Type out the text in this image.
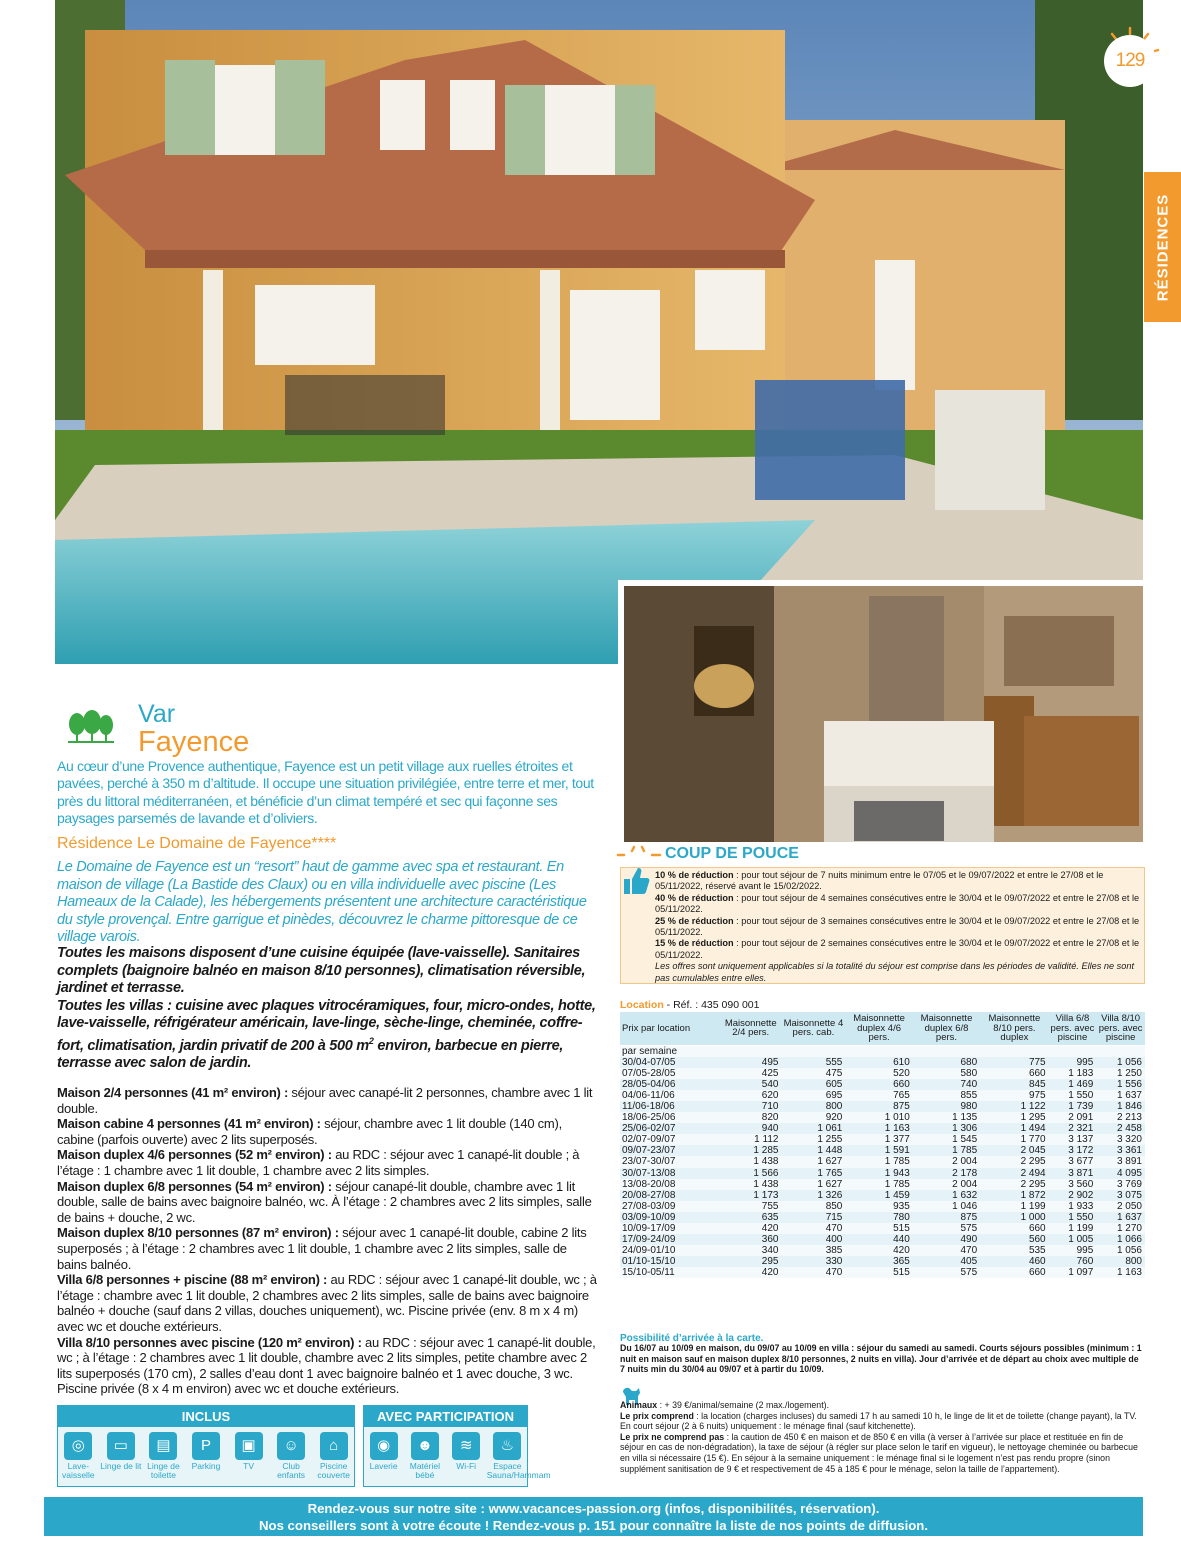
129
RÉSIDENCES
Var
Fayence
Au cœur d’une Provence authentique, Fayence est un petit village aux ruelles étroites et pavées, perché à 350 m d’altitude. Il occupe une situation privilégiée, entre terre et mer, tout près du littoral méditerranéen, et bénéficie d’un climat tempéré et sec qui façonne ses paysages parsemés de lavande et d’oliviers.
Résidence Le Domaine de Fayence****
Le Domaine de Fayence est un “resort” haut de gamme avec spa et restaurant. En maison de village (La Bastide des Claux) ou en villa individuelle avec piscine (Les Hameaux de la Calade), les hébergements présentent une architecture caractéristique du style provençal. Entre garrigue et pinèdes, découvrez le charme pittoresque de ce village varois.
Toutes les maisons disposent d’une cuisine équipée (lave-vaisselle). Sanitaires complets (baignoire balnéo en maison 8/10 personnes), climatisation réversible, jardinet et terrasse.
Toutes les villas : cuisine avec plaques vitrocéramiques, four, micro-ondes, hotte, lave-vaisselle, réfrigérateur américain, lave-linge, sèche-linge, cheminée, coffre-fort, climatisation, jardin privatif de 200 à 500 $m^2$ environ, barbecue en pierre, terrasse avec salon de jardin.
Maison 2/4 personnes (41 m² environ) : séjour avec canapé-lit 2 personnes, chambre avec 1 lit double.
Maison cabine 4 personnes (41 m² environ) : séjour, chambre avec 1 lit double (140 cm), cabine (parfois ouverte) avec 2 lits superposés.
Maison duplex 4/6 personnes (52 m² environ) : au RDC : séjour avec 1 canapé-lit double ; à l’étage : 1 chambre avec 1 lit double, 1 chambre avec 2 lits simples.
Maison duplex 6/8 personnes (54 m² environ) : séjour canapé-lit double, chambre avec 1 lit double, salle de bains avec baignoire balnéo, wc. À l’étage : 2 chambres avec 2 lits simples, salle de bains + douche, 2 wc.
Maison duplex 8/10 personnes (87 m² environ) : séjour avec 1 canapé-lit double, cabine 2 lits superposés ; à l’étage : 2 chambres avec 1 lit double, 1 chambre avec 2 lits simples, salle de bains balnéo.
Villa 6/8 personnes + piscine (88 m² environ) : au RDC : séjour avec 1 canapé-lit double, wc ; à l’étage : chambre avec 1 lit double, 2 chambres avec 2 lits simples, salle de bains avec baignoire balnéo + douche (sauf dans 2 villas, douches uniquement), wc. Piscine privée (env. 8 m x 4 m) avec wc et douche extérieurs.
Villa 8/10 personnes avec piscine (120 m² environ) : au RDC : séjour avec 1 canapé-lit double, wc ; à l’étage : 2 chambres avec 1 lit double, chambre avec 2 lits simples, petite chambre avec 2 lits superposés (170 cm), 2 salles d’eau dont 1 avec baignoire balnéo et 1 avec douche, 3 wc. Piscine privée (8 x 4 m environ) avec wc et douche extérieurs.
INCLUS
◎
Lave-vaisselle
▭
Linge de lit
▤
Linge de toilette
P
Parking
▣
TV
☺
Club enfants
⌂
Piscine couverte
AVEC PARTICIPATION
◉
Laverie
☻
Matériel bébé
≋
Wi-Fi
♨
Espace Sauna/Hammam
COUP DE POUCE
10 % de réduction : pour tout séjour de 7 nuits minimum entre le 07/05 et le 09/07/2022 et entre le 27/08 et le 05/11/2022, réservé avant le 15/02/2022.
40 % de réduction : pour tout séjour de 4 semaines consécutives entre le 30/04 et le 09/07/2022 et entre le 27/08 et le 05/11/2022.
25 % de réduction : pour tout séjour de 3 semaines consécutives entre le 30/04 et le 09/07/2022 et entre le 27/08 et le 05/11/2022.
15 % de réduction : pour tout séjour de 2 semaines consécutives entre le 30/04 et le 09/07/2022 et entre le 27/08 et le 05/11/2022.
Les offres sont uniquement applicables si la totalité du séjour est comprise dans les périodes de validité. Elles ne sont pas cumulables entre elles.
Location - Réf. : 435 090 001
Prix par location	Maisonnette 2/4 pers.	Maisonnette 4 pers. cab.	Maisonnette duplex 4/6 pers.	Maisonnette duplex 6/8 pers.	Maisonnette 8/10 pers. duplex	Villa 6/8 pers. avec piscine	Villa 8/10 pers. avec piscine
par semaine							
30/04-07/05	495	555	610	680	775	995	1 056
07/05-28/05	425	475	520	580	660	1 183	1 250
28/05-04/06	540	605	660	740	845	1 469	1 556
04/06-11/06	620	695	765	855	975	1 550	1 637
11/06-18/06	710	800	875	980	1 122	1 739	1 846
18/06-25/06	820	920	1 010	1 135	1 295	2 091	2 213
25/06-02/07	940	1 061	1 163	1 306	1 494	2 321	2 458
02/07-09/07	1 112	1 255	1 377	1 545	1 770	3 137	3 320
09/07-23/07	1 285	1 448	1 591	1 785	2 045	3 172	3 361
23/07-30/07	1 438	1 627	1 785	2 004	2 295	3 677	3 891
30/07-13/08	1 566	1 765	1 943	2 178	2 494	3 871	4 095
13/08-20/08	1 438	1 627	1 785	2 004	2 295	3 560	3 769
20/08-27/08	1 173	1 326	1 459	1 632	1 872	2 902	3 075
27/08-03/09	755	850	935	1 046	1 199	1 933	2 050
03/09-10/09	635	715	780	875	1 000	1 550	1 637
10/09-17/09	420	470	515	575	660	1 199	1 270
17/09-24/09	360	400	440	490	560	1 005	1 066
24/09-01/10	340	385	420	470	535	995	1 056
01/10-15/10	295	330	365	405	460	760	800
15/10-05/11	420	470	515	575	660	1 097	1 163
Possibilité d’arrivée à la carte.
Du 16/07 au 10/09 en maison, du 09/07 au 10/09 en villa : séjour du samedi au samedi. Courts séjours possibles (minimum : 1 nuit en maison sauf en maison duplex 8/10 personnes, 2 nuits en villa). Jour d’arrivée et de départ au choix avec multiple de 7 nuits min du 30/04 au 09/07 et à partir du 10/09.
Animaux : + 39 €/animal/semaine (2 max./logement).
Le prix comprend : la location (charges incluses) du samedi 17 h au samedi 10 h, le linge de lit et de toilette (change payant), la TV. En court séjour (2 à 6 nuits) uniquement : le ménage final (sauf kitchenette).
Le prix ne comprend pas : la caution de 450 € en maison et de 850 € en villa (à verser à l’arrivée sur place et restituée en fin de séjour en cas de non-dégradation), la taxe de séjour (à régler sur place selon le tarif en vigueur), le nettoyage cheminée ou barbecue en villa si nécessaire (15 €). En séjour à la semaine uniquement : le ménage final si le logement n’est pas rendu propre (sinon supplément sanitisation de 9 € et respectivement de 45 à 185 € pour le ménage, selon la taille de l’appartement).
Rendez-vous sur notre site : www.vacances-passion.org (infos, disponibilités, réservation).
Nos conseillers sont à votre écoute ! Rendez-vous p. 151 pour connaître la liste de nos points de diffusion.
